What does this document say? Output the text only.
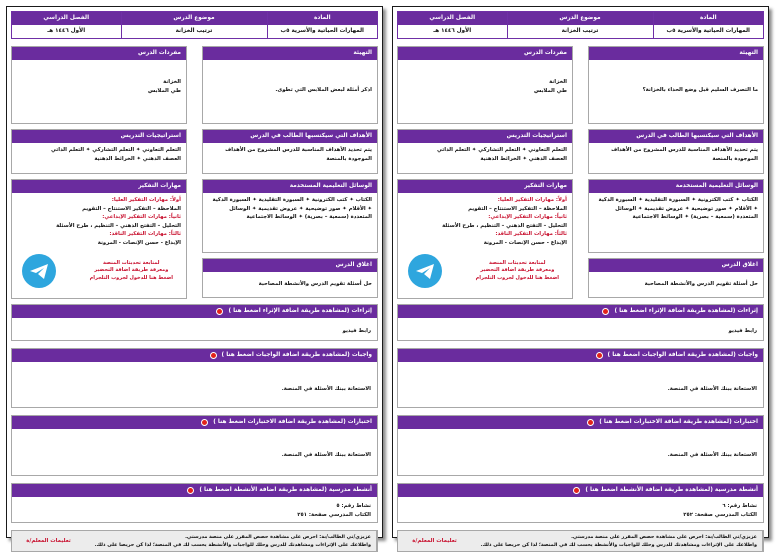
المادة
المهارات الحياتية والأسرية ٥ب
موضوع الدرس
ترتيب الخزانة
الفصل الدراسي
الأول ١٤٤٦ هـ
التهيئة
ما التصرف السليم قبل وضع الحذاء بالخزانة؟
الأهداف التي سيكتسبها الطالب في الدرس
يتم تحديد الأهداف المناسبة للدرس المشروح من الأهداف الموجودة بالمنصة
الوسائل التعليمية المستخدمة
الكتاب ✦ كتب الكترونية ✦ السبورة التقليدية ✦ السبورة الذكية ✦ الأقلام ✦ صور توضيحية ✦ عروض تقديمية ✦ الوسائل المتعددة (سمعية – بصرية) ✦ الوسائط الاجتماعية
اغلاق الدرس
حل أسئلة تقويم الدرس والأنشطة المصاحبة
مفردات الدرس
الخزانة
طي الملابس
استراتيجيات التدريس
التعلم التعاوني ✦ التعلم التشاركي ✦ التعلم الذاتي
العصف الذهني ✦ الخرائط الذهنية
مهارات التفكير
أولاً: مهارات التفكير العليا:
الملاحظة – التفكير الاستنتاج – التقويم
ثانياً: مهارات التفكير الإبداعي:
التحليل – التفتح الذهني – التنظيم ، طرح الأسئلة
ثالثاً: مهارات التفكير الناقد:
الإبداع - حسن الإنصات - المرونة
لمتابعة تحديثات المنصة
ومعرفة طريقة اضافة التحضير
اضغط هنا للدخول لجروب التلجرام
إثراءات (لمشاهدة طريقة اضافة الإثراء اضغط هنا )
رابط فيديو
واجبات (لمشاهدة طريقة اضافة الواجبات اضغط هنا )
الاستعانة ببنك الأسئلة في المنصة.
اختبارات (لمشاهدة طريقة اضافة الاختبارات اضغط هنا )
الاستعانة ببنك الأسئلة في المنصة.
أنشطة مدرسية (لمشاهدة طريقة اضافة الأنشطة اضغط هنا )
نشاط رقم: ٦
الكتاب المدرسي صفحة: ٢٥٢
عزيزي/تي الطالب/بة: احرص على مشاهدة حصص المقرر على منصة مدرستي.
واطلاعك على الإثراءات ومشاهدتك للدرس وحلك للواجبات والأنشطة يحسب لك في المنصة؛ لذا كن حريصا على ذلك.
تعليمات المعلم/ة
المادة
المهارات الحياتية والأسرية ٥ب
موضوع الدرس
ترتيب الخزانة
الفصل الدراسي
الأول ١٤٤٦ هـ
التهيئة
اذكر أمثلة لبعض الملابس التي تطوى.
الأهداف التي سيكتسبها الطالب في الدرس
يتم تحديد الأهداف المناسبة للدرس المشروح من الأهداف الموجودة بالمنصة
الوسائل التعليمية المستخدمة
الكتاب ✦ كتب الكترونية ✦ السبورة التقليدية ✦ السبورة الذكية ✦ الأقلام ✦ صور توضيحية ✦ عروض تقديمية ✦ الوسائل المتعددة (سمعية – بصرية) ✦ الوسائط الاجتماعية
اغلاق الدرس
حل أسئلة تقويم الدرس والأنشطة المصاحبة
مفردات الدرس
الخزانة
طي الملابس
استراتيجيات التدريس
التعلم التعاوني ✦ التعلم التشاركي ✦ التعلم الذاتي
العصف الذهني ✦ الخرائط الذهنية
مهارات التفكير
أولاً: مهارات التفكير العليا:
الملاحظة – التفكير الاستنتاج – التقويم
ثانياً: مهارات التفكير الإبداعي:
التحليل – التفتح الذهني – التنظيم ، طرح الأسئلة
ثالثاً: مهارات التفكير الناقد:
الإبداع - حسن الإنصات - المرونة
لمتابعة تحديثات المنصة
ومعرفة طريقة اضافة التحضير
اضغط هنا للدخول لجروب التلجرام
إثراءات (لمشاهدة طريقة اضافة الإثراء اضغط هنا )
رابط فيديو
واجبات (لمشاهدة طريقة اضافة الواجبات اضغط هنا )
الاستعانة ببنك الأسئلة في المنصة.
اختبارات (لمشاهدة طريقة اضافة الاختبارات اضغط هنا )
الاستعانة ببنك الأسئلة في المنصة.
أنشطة مدرسية (لمشاهدة طريقة اضافة الأنشطة اضغط هنا )
نشاط رقم: ٥
الكتاب المدرسي صفحة: ٢٥١
عزيزي/تي الطالب/بة: احرص على مشاهدة حصص المقرر على منصة مدرستي.
واطلاعك على الإثراءات ومشاهدتك للدرس وحلك للواجبات والأنشطة يحسب لك في المنصة؛ لذا كن حريصا على ذلك.
تعليمات المعلم/ة
